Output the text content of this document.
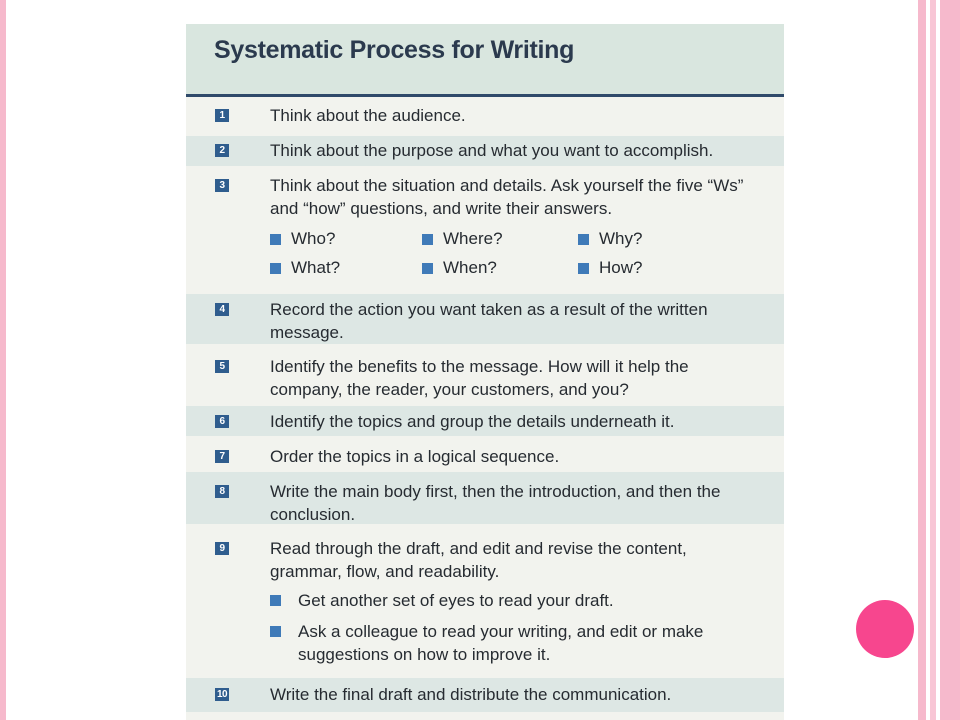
Systematic Process for Writing
1	Think about the audience.
2	Think about the purpose and what you want to accomplish.
3	Think about the situation and details. Ask yourself the five “Ws” and “how” questions, and write their answers.
Who?	Where?	Why?
What?	When?	How?
4	Record the action you want taken as a result of the written message.
5	Identify the benefits to the message. How will it help the company, the reader, your customers, and you?
6	Identify the topics and group the details underneath it.
7	Order the topics in a logical sequence.
8	Write the main body first, then the introduction, and then the conclusion.
9	Read through the draft, and edit and revise the content, grammar, flow, and readability.
Get another set of eyes to read your draft.
Ask a colleague to read your writing, and edit or make suggestions on how to improve it.
10	Write the final draft and distribute the communication.
